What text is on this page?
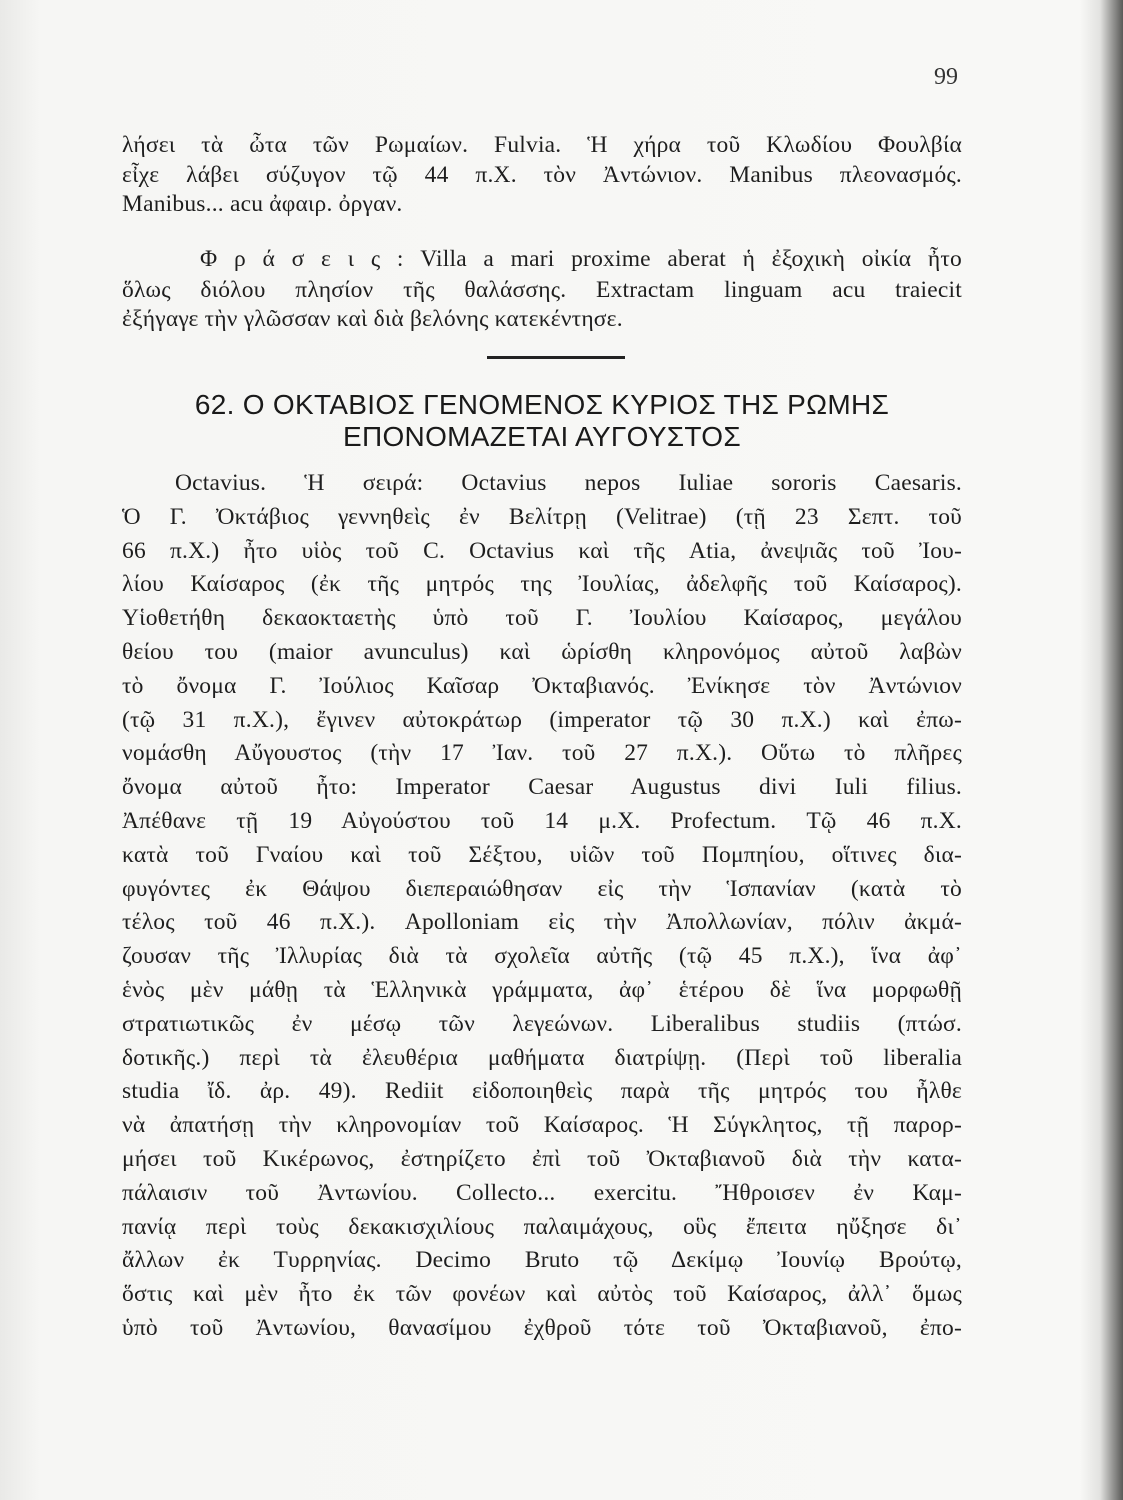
99
λήσει τὰ ὦτα τῶν Ρωμαίων. Fulvia. Ἡ χήρα τοῦ Κλωδίου Φουλβία
εἶχε λάβει σύζυγον τῷ 44 π.Χ. τὸν Ἀντώνιον. Manibus πλεονασμός.
Manibus... acu ἀφαιρ. ὀργαν.
Φ ρ ά σ ε ι ς : Villa a mari proxime aberat ἡ ἐξοχικὴ οἰκία ἦτο
ὅλως διόλου πλησίον τῆς θαλάσσης. Extractam linguam acu traiecit
ἐξήγαγε τὴν γλῶσσαν καὶ διὰ βελόνης κατεκέντησε.
62. Ο ΟΚΤΑΒΙΟΣ ΓΕΝΟΜΕΝΟΣ ΚΥΡΙΟΣ ΤΗΣ ΡΩΜΗΣ
ΕΠΟΝΟΜΑΖΕΤΑΙ ΑΥΓΟΥΣΤΟΣ
Octavius. Ἡ σειρά: Octavius nepos Iuliae sororis Caesaris.
Ὁ Γ. Ὀκτάβιος γεννηθεὶς ἐν Βελίτρῃ (Velitrae) (τῇ 23 Σεπτ. τοῦ
66 π.Χ.) ἦτο υἱὸς τοῦ C. Octavius καὶ τῆς Atia, ἀνεψιᾶς τοῦ Ἰου-
λίου Καίσαρος (ἐκ τῆς μητρός της Ἰουλίας, ἀδελφῆς τοῦ Καίσαρος).
Υἱοθετήθη δεκαοκταετὴς ὑπὸ τοῦ Γ. Ἰουλίου Καίσαρος, μεγάλου
θείου του (maior avunculus) καὶ ὡρίσθη κληρονόμος αὐτοῦ λαβὼν
τὸ ὄνομα Γ. Ἰούλιος Καῖσαρ Ὀκταβιανός. Ἐνίκησε τὸν Ἀντώνιον
(τῷ 31 π.Χ.), ἔγινεν αὐτοκράτωρ (imperator τῷ 30 π.Χ.) καὶ ἐπω-
νομάσθη Αὔγουστος (τὴν 17 Ἰαν. τοῦ 27 π.Χ.). Οὕτω τὸ πλῆρες
ὄνομα αὐτοῦ ἦτο: Imperator Caesar Augustus divi Iuli filius.
Ἀπέθανε τῇ 19 Αὐγούστου τοῦ 14 μ.Χ. Profectum. Τῷ 46 π.Χ.
κατὰ τοῦ Γναίου καὶ τοῦ Σέξτου, υἱῶν τοῦ Πομπηίου, οἵτινες δια-
φυγόντες ἐκ Θάψου διεπεραιώθησαν εἰς τὴν Ἱσπανίαν (κατὰ τὸ
τέλος τοῦ 46 π.Χ.). Apolloniam εἰς τὴν Ἀπολλωνίαν, πόλιν ἀκμά-
ζουσαν τῆς Ἰλλυρίας διὰ τὰ σχολεῖα αὐτῆς (τῷ 45 π.Χ.), ἵνα ἀφ᾽
ἑνὸς μὲν μάθῃ τὰ Ἑλληνικὰ γράμματα, ἀφ᾽ ἑτέρου δὲ ἵνα μορφωθῇ
στρατιωτικῶς ἐν μέσῳ τῶν λεγεώνων. Liberalibus studiis (πτώσ.
δοτικῆς.) περὶ τὰ ἐλευθέρια μαθήματα διατρίψῃ. (Περὶ τοῦ liberalia
studia ἴδ. ἀρ. 49). Rediit εἰδοποιηθεὶς παρὰ τῆς μητρός του ἦλθε
νὰ ἀπατήσῃ τὴν κληρονομίαν τοῦ Καίσαρος. Ἡ Σύγκλητος, τῇ παρορ-
μήσει τοῦ Κικέρωνος, ἐστηρίζετο ἐπὶ τοῦ Ὀκταβιανοῦ διὰ τὴν κατα-
πάλαισιν τοῦ Ἀντωνίου. Collecto... exercitu. Ἤθροισεν ἐν Καμ-
πανίᾳ περὶ τοὺς δεκακισχιλίους παλαιμάχους, οὓς ἔπειτα ηὔξησε δι᾽
ἄλλων ἐκ Τυρρηνίας. Decimo Bruto τῷ Δεκίμῳ Ἰουνίῳ Βρούτῳ,
ὅστις καὶ μὲν ἦτο ἐκ τῶν φονέων καὶ αὐτὸς τοῦ Καίσαρος, ἀλλ᾽ ὅμως
ὑπὸ τοῦ Ἀντωνίου, θανασίμου ἐχθροῦ τότε τοῦ Ὀκταβιανοῦ, ἐπο-
